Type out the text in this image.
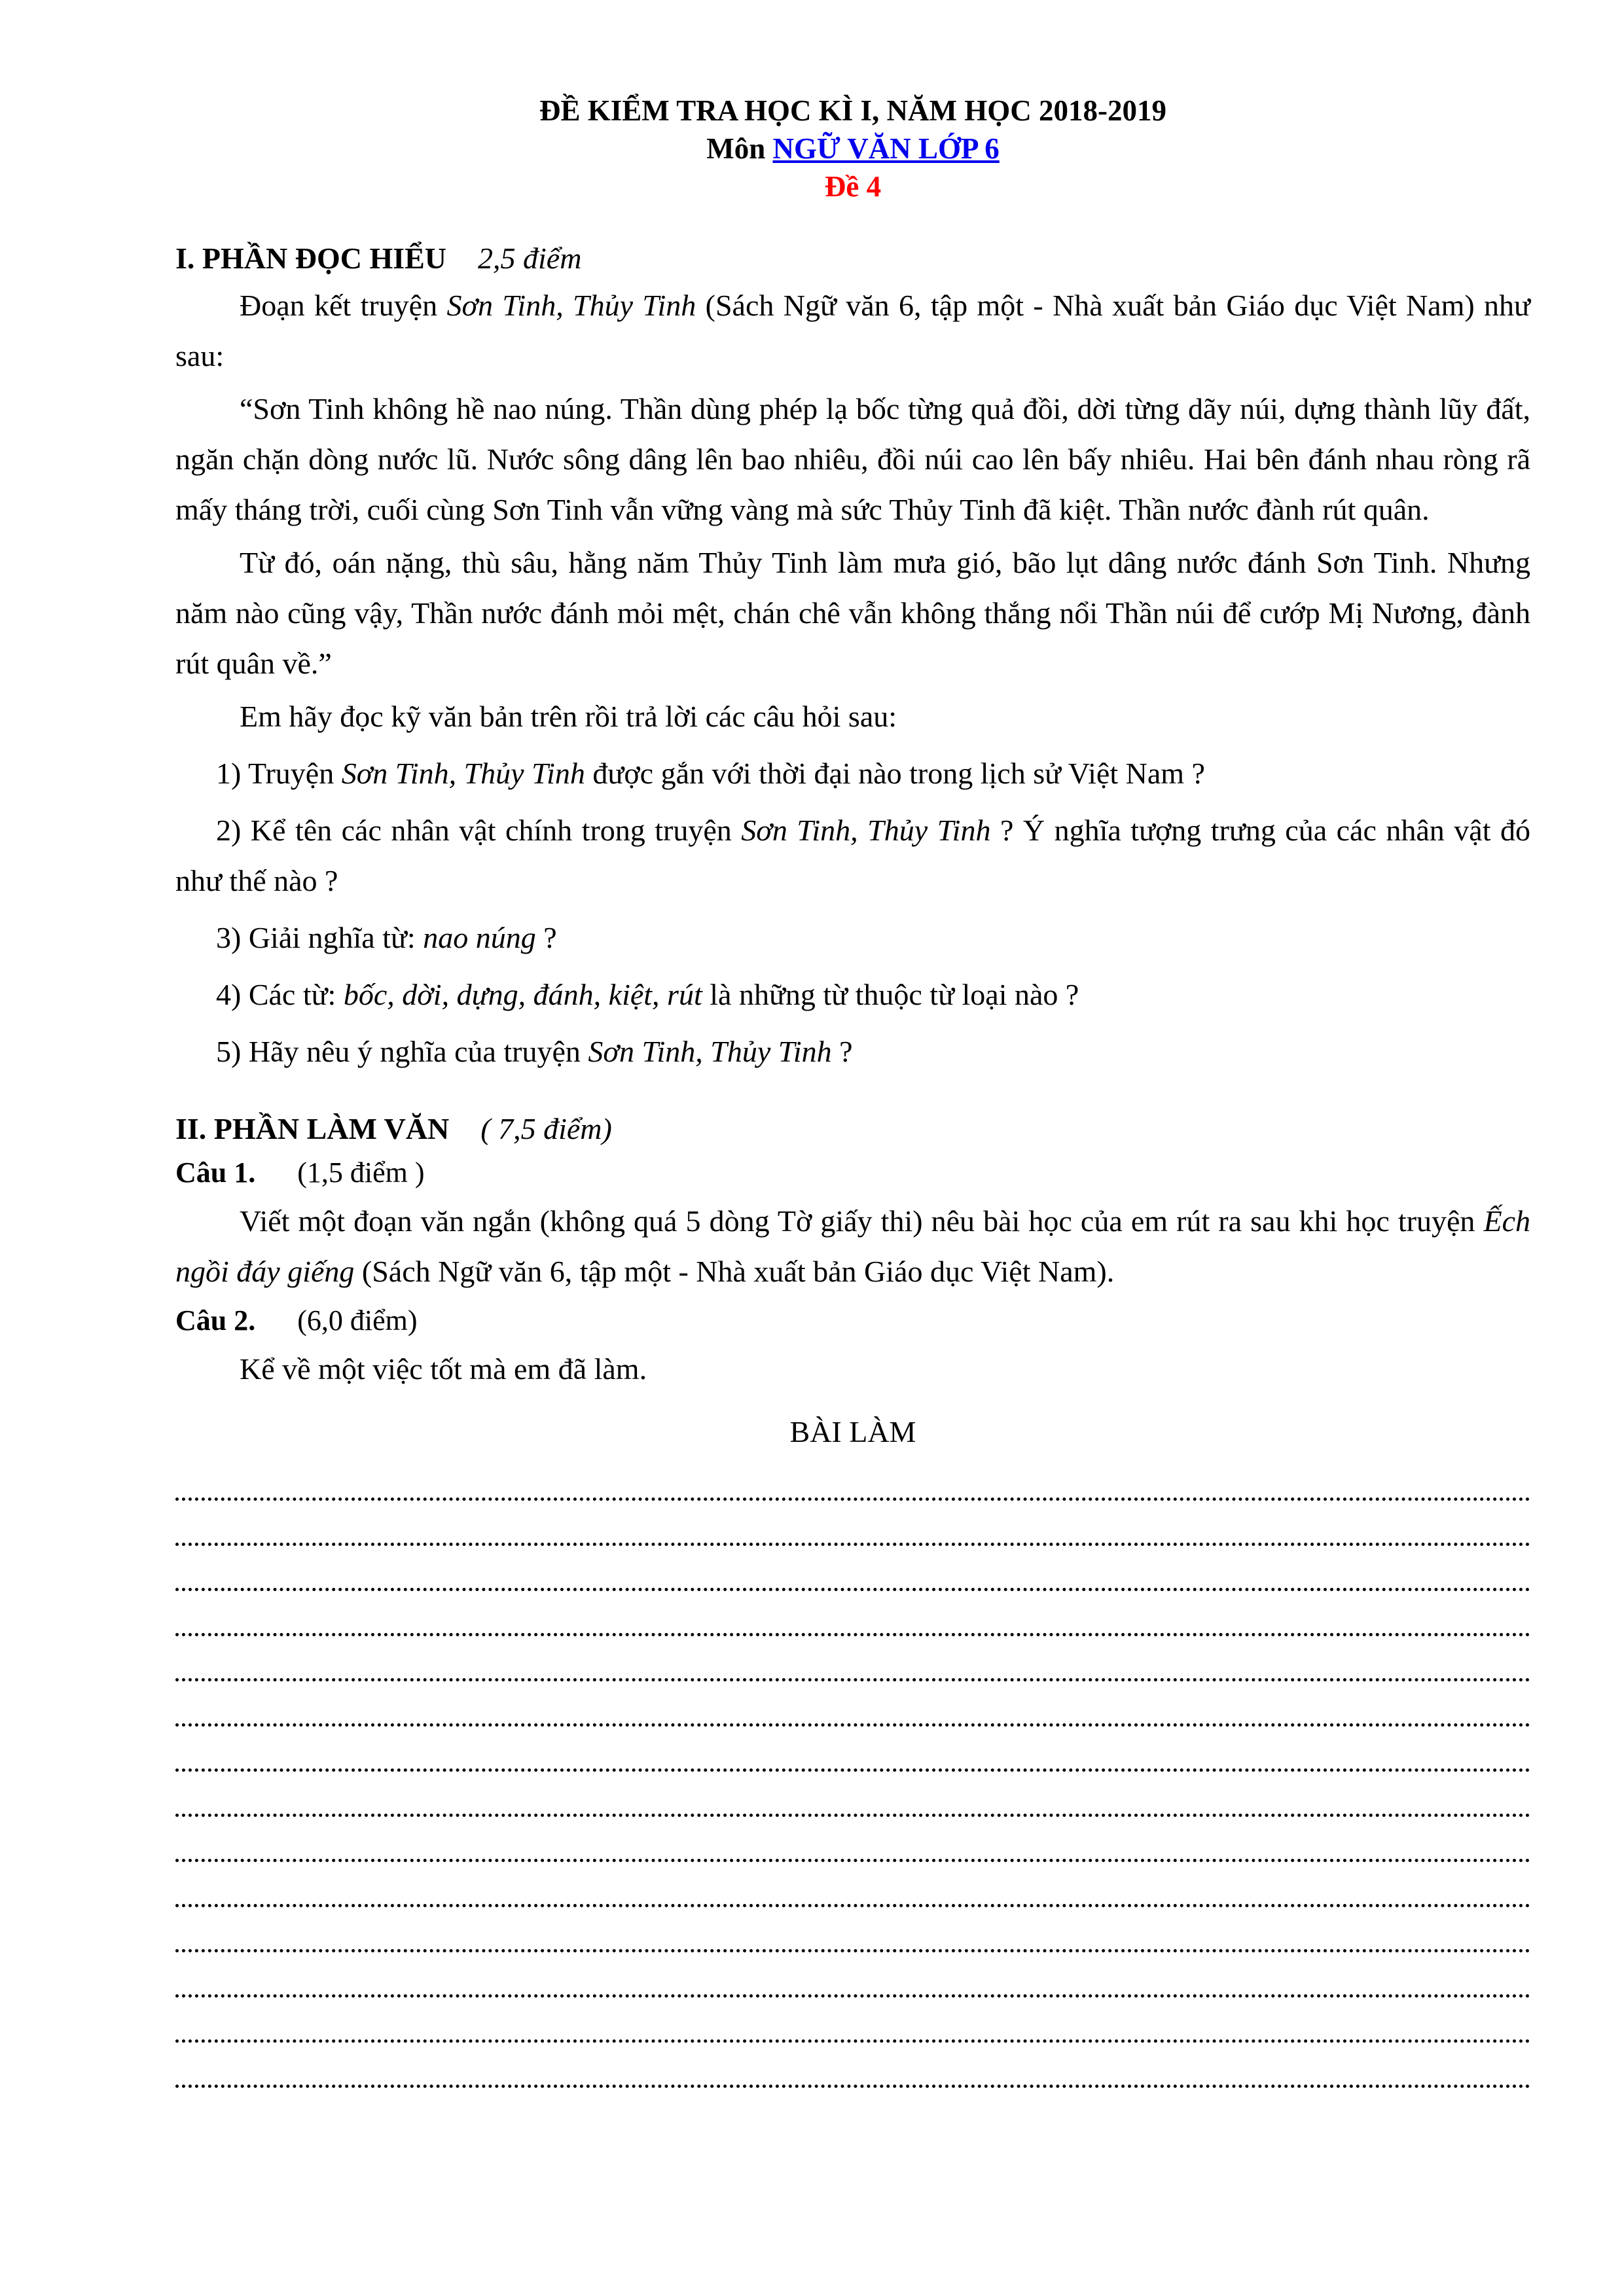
ĐỀ KIỂM TRA HỌC KÌ I, NĂM HỌC 2018-2019
Môn NGỮ VĂN LỚP 6
Đề 4
I. PHẦN ĐỌC HIỂU 2,5 điểm

Đoạn kết truyện Sơn Tinh, Thủy Tinh (Sách Ngữ văn 6, tập một - Nhà xuất bản Giáo dục Việt Nam) như sau:

“Sơn Tinh không hề nao núng. Thần dùng phép lạ bốc từng quả đồi, dời từng dãy núi, dựng thành lũy đất, ngăn chặn dòng nước lũ. Nước sông dâng lên bao nhiêu, đồi núi cao lên bấy nhiêu. Hai bên đánh nhau ròng rã mấy tháng trời, cuối cùng Sơn Tinh vẫn vững vàng mà sức Thủy Tinh đã kiệt. Thần nước đành rút quân.

Từ đó, oán nặng, thù sâu, hằng năm Thủy Tinh làm mưa gió, bão lụt dâng nước đánh Sơn Tinh. Nhưng năm nào cũng vậy, Thần nước đánh mỏi mệt, chán chê vẫn không thắng nổi Thần núi để cướp Mị Nương, đành rút quân về.”

Em hãy đọc kỹ văn bản trên rồi trả lời các câu hỏi sau:

1) Truyện Sơn Tinh, Thủy Tinh được gắn với thời đại nào trong lịch sử Việt Nam ?

2) Kể tên các nhân vật chính trong truyện Sơn Tinh, Thủy Tinh ? Ý nghĩa tượng trưng của các nhân vật đó như thế nào ?

3) Giải nghĩa từ: nao núng ?

4) Các từ: bốc, dời, dựng, đánh, kiệt, rút là những từ thuộc từ loại nào ?

5) Hãy nêu ý nghĩa của truyện Sơn Tinh, Thủy Tinh ?

II. PHẦN LÀM VĂN ( 7,5 điểm)
Câu 1. (1,5 điểm )

Viết một đoạn văn ngắn (không quá 5 dòng Tờ giấy thi) nêu bài học của em rút ra sau khi học truyện Ếch ngồi đáy giếng (Sách Ngữ văn 6, tập một - Nhà xuất bản Giáo dục Việt Nam).

Câu 2. (6,0 điểm)

Kể về một việc tốt mà em đã làm.

BÀI LÀM
